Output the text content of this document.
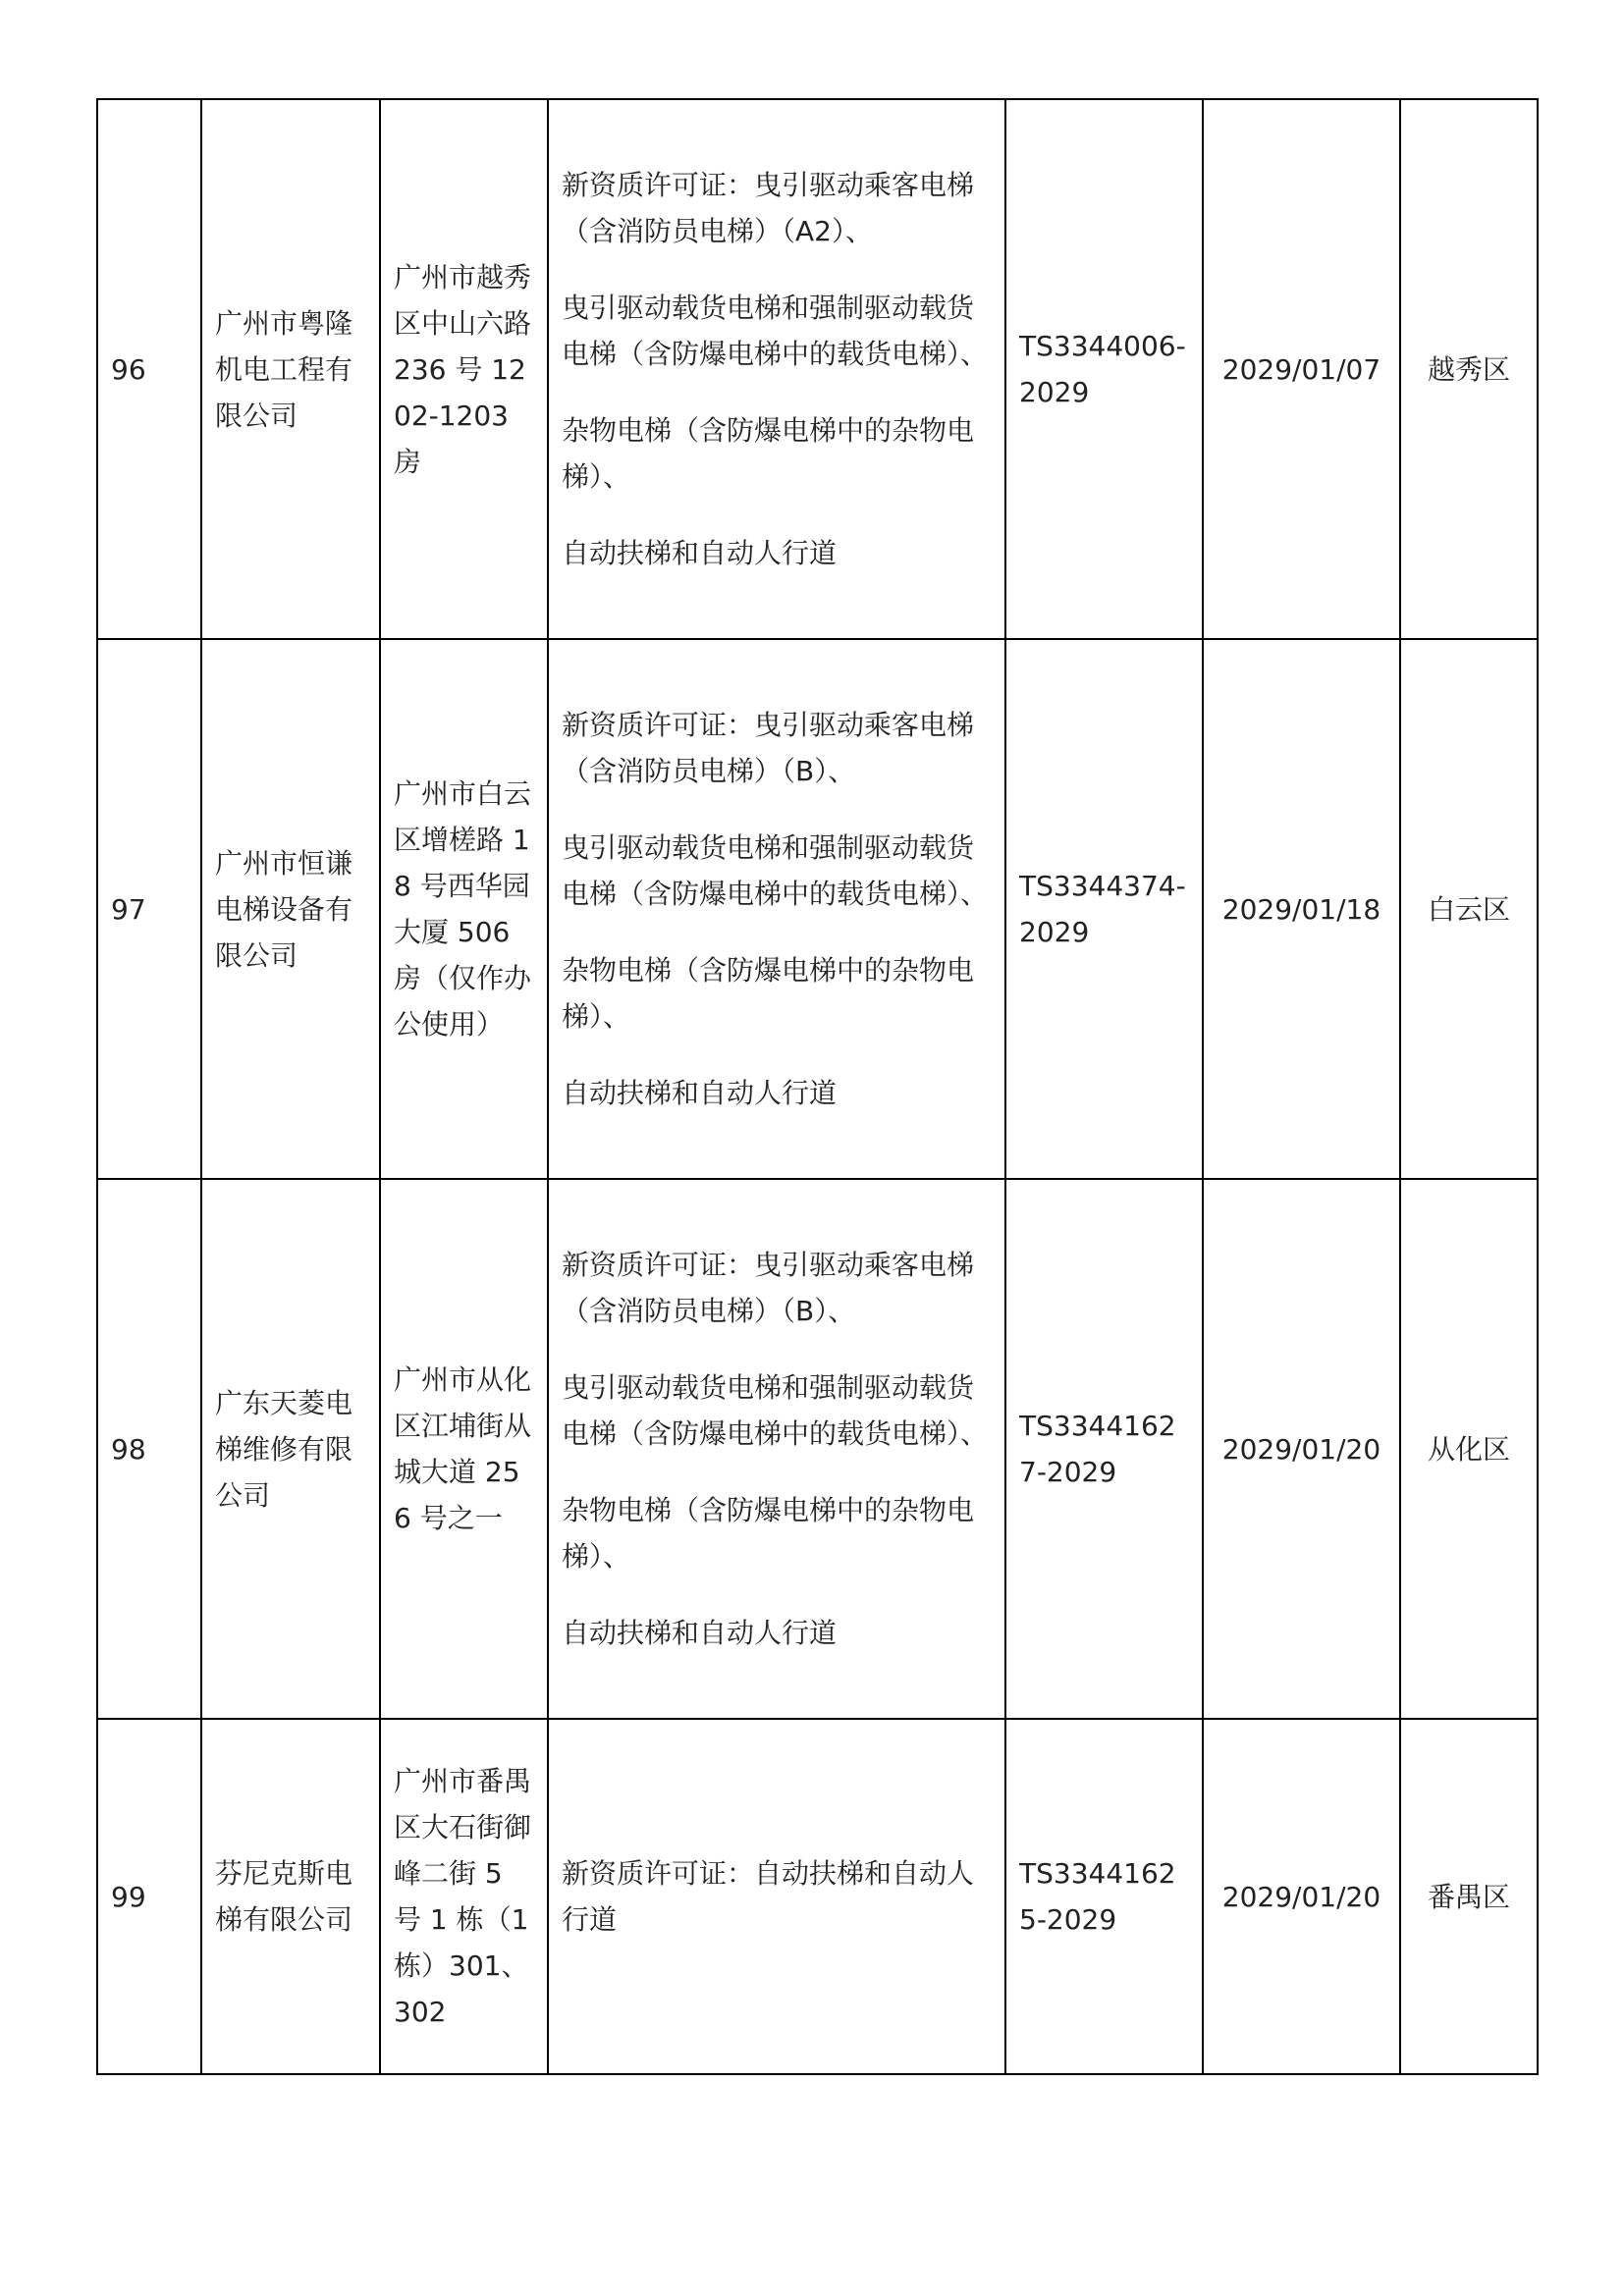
96	广州市粤隆机电工程有限公司	广州市越秀区中山六路 236 号 1202-1203 房	新资质许可证：曳引驱动乘客电梯（含消防员电梯）（A2）、

曳引驱动载货电梯和强制驱动载货电梯（含防爆电梯中的载货电梯）、

杂物电梯（含防爆电梯中的杂物电梯）、

自动扶梯和自动人行道	TS3344006-2029	2029/01/07	越秀区
97	广州市恒谦电梯设备有限公司	广州市白云区增槎路 18 号西华园大厦 506 房（仅作办公使用）	新资质许可证：曳引驱动乘客电梯（含消防员电梯）（B）、

曳引驱动载货电梯和强制驱动载货电梯（含防爆电梯中的载货电梯）、

杂物电梯（含防爆电梯中的杂物电梯）、

自动扶梯和自动人行道	TS3344374-2029	2029/01/18	白云区
98	广东天菱电梯维修有限公司	广州市从化区江埔街从城大道 256 号之一	新资质许可证：曳引驱动乘客电梯（含消防员电梯）（B）、

曳引驱动载货电梯和强制驱动载货电梯（含防爆电梯中的载货电梯）、

杂物电梯（含防爆电梯中的杂物电梯）、

自动扶梯和自动人行道	TS33441627-2029	2029/01/20	从化区
99	芬尼克斯电梯有限公司	广州市番禺区大石街御峰二街 5 号 1 栋（1 栋）301、302	新资质许可证：自动扶梯和自动人行道	TS33441625-2029	2029/01/20	番禺区
